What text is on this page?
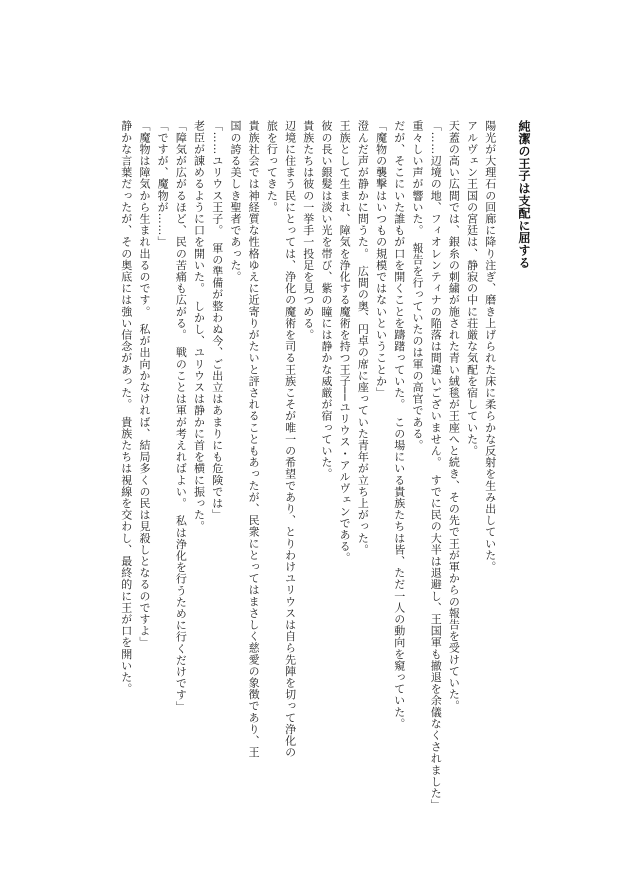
純潔の王子は支配に屈する

陽光が大理石の回廊に降り注ぎ、磨き上げられた床に柔らかな反射を生み出していた。

アルヴェン王国の宮廷は、静寂の中に荘厳な気配を宿していた。

天蓋の高い広間では、銀糸の刺繍が施された青い絨毯が王座へと続き、その先で王が軍からの報告を受けていた。

「……辺境の地、フィオレンティナの陥落は間違いございません。　すでに民の大半は退避し、王国軍も撤退を余儀なくされました」

重々しい声が響いた。　報告を行っていたのは軍の高官である。

だが、そこにいた誰もが口を開くことを躊躇っていた。　この場にいる貴族たちは皆、ただ一人の動向を窺っていた。

「魔物の襲撃はいつもの規模ではないということか」

澄んだ声が静かに問うた。　広間の奥、円卓の席に座っていた青年が立ち上がった。

王族として生まれ、障気を浄化する魔術を持つ王子──ユリウス・アルヴェンである。

彼の長い銀髪は淡い光を帯び、紫の瞳には静かな威厳が宿っていた。

貴族たちは彼の一挙手一投足を見つめる。

辺境に住まう民にとっては、浄化の魔術を司る王族こそが唯一の希望であり、とりわけユリウスは自ら先陣を切って浄化の旅を行ってきた。

貴族社会では神経質な性格ゆえに近寄りがたいと評されることもあったが、民衆にとってはまさしく慈愛の象徴であり、王国の誇る美しき聖者であった。

「……ユリウス王子。　軍の準備が整わぬ今、ご出立はあまりにも危険では」

老臣が諌めるように口を開いた。　しかし、ユリウスは静かに首を横に振った。

「障気が広がるほど、民の苦痛も広がる。　戦のことは軍が考えればよい。　私は浄化を行うために行くだけです」

「ですが、魔物が……」

「魔物は障気から生まれ出るのです。　私が出向かなければ、結局多くの民は見殺しとなるのですよ」

静かな言葉だったが、その奥底には強い信念があった。　貴族たちは視線を交わし、最終的に王が口を開いた。
